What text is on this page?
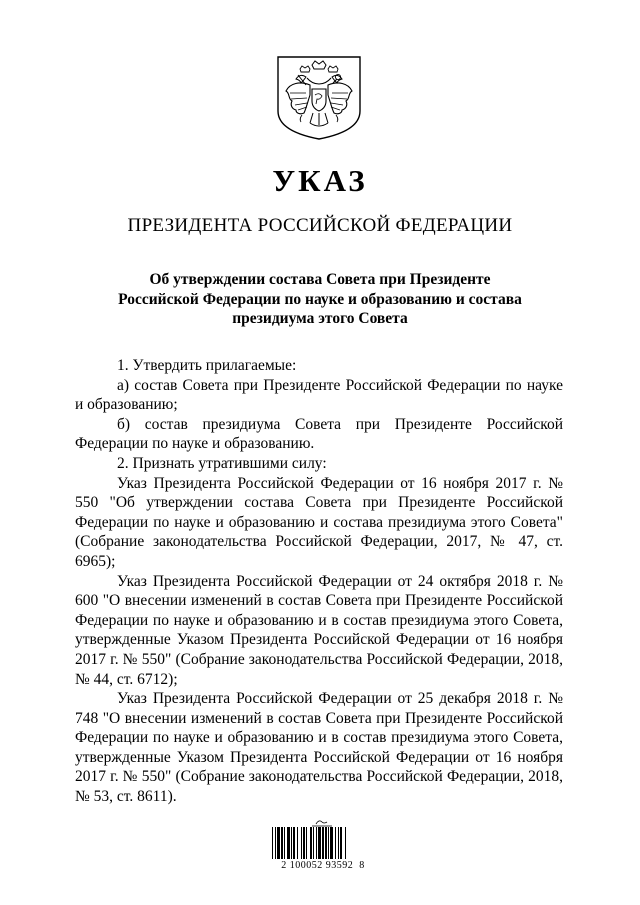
УКАЗ
ПРЕЗИДЕНТА РОССИЙСКОЙ ФЕДЕРАЦИИ
Об утверждении состава Совета при Президенте
Российской Федерации по науке и образованию и состава
президиума этого Совета

1. Утвердить прилагаемые:

а) состав Совета при Президенте Российской Федерации по науке и образованию;

б) состав президиума Совета при Президенте Российской Федерации по науке и образованию.

2. Признать утратившими силу:

Указ Президента Российской Федерации от 16 ноября 2017 г. № 550 "Об утверждении состава Совета при Президенте Российской Федерации по науке и образованию и состава президиума этого Совета" (Собрание законодательства Российской Федерации, 2017, № 47, ст. 6965);

Указ Президента Российской Федерации от 24 октября 2018 г. № 600 "О внесении изменений в состав Совета при Президенте Российской Федерации по науке и образованию и в состав президиума этого Совета, утвержденные Указом Президента Российской Федерации от 16 ноября 2017 г. № 550" (Собрание законодательства Российской Федерации, 2018, № 44, ст. 6712);

Указ Президента Российской Федерации от 25 декабря 2018 г. № 748 "О внесении изменений в состав Совета при Президенте Российской Федерации по науке и образованию и в состав президиума этого Совета, утвержденные Указом Президента Российской Федерации от 16 ноября 2017 г. № 550" (Собрание законодательства Российской Федерации, 2018, № 53, ст. 8611).

2 100052 93592  8
